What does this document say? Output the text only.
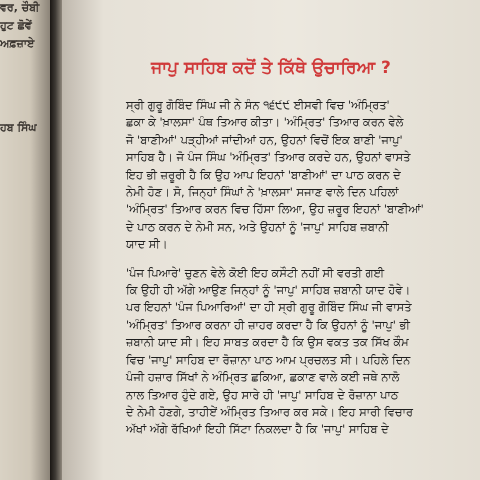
ਵਰ, ਚੌਬੀ
ਹੁਟ ਛੋਵੇਂ
ਅਫ਼ਜ਼ਾਏ
ਹਬ ਸਿੰਘ
ਜਾਪੁ ਸਾਹਿਬ ਕਦੋਂ ਤੇ ਕਿੱਥੇ ਉਚਾਰਿਆ ?

ਸ੍ਰੀ ਗੁਰੂ ਗੋਬਿੰਦ ਸਿੰਘ ਜੀ ਨੇ ਸੰਨ ੧੬੯੯ ਈਸਵੀ ਵਿਚ 'ਅੰਮ੍ਰਿਤ'
ਛਕਾ ਕੇ 'ਖ਼ਾਲਸਾ' ਪੰਥ ਤਿਆਰ ਕੀਤਾ। 'ਅੰਮ੍ਰਿਤ' ਤਿਆਰ ਕਰਨ ਵੇਲੇ
ਜੋ 'ਬਾਣੀਆਂ' ਪੜ੍ਹੀਆਂ ਜਾਂਦੀਆਂ ਹਨ, ਉਹਨਾਂ ਵਿਚੋਂ ਇਕ ਬਾਣੀ 'ਜਾਪੁ'
ਸਾਹਿਬ ਹੈ। ਜੋ ਪੰਜ ਸਿੰਘ 'ਅੰਮ੍ਰਿਤ' ਤਿਆਰ ਕਰਦੇ ਹਨ, ਉਹਨਾਂ ਵਾਸਤੇ
ਇਹ ਭੀ ਜ਼ਰੂਰੀ ਹੈ ਕਿ ਉਹ ਆਪ ਇਹਨਾਂ 'ਬਾਣੀਆਂ' ਦਾ ਪਾਠ ਕਰਨ ਦੇ
ਨੇਮੀ ਹੋਣ। ਸੋ, ਜਿਨ੍ਹਾਂ ਸਿੰਘਾਂ ਨੇ 'ਖ਼ਾਲਸਾ' ਸਜਾਣ ਵਾਲੇ ਦਿਨ ਪਹਿਲਾਂ
'ਅੰਮ੍ਰਿਤ' ਤਿਆਰ ਕਰਨ ਵਿਚ ਹਿੱਸਾ ਲਿਆ, ਉਹ ਜ਼ਰੂਰ ਇਹਨਾਂ 'ਬਾਣੀਆਂ'
ਦੇ ਪਾਠ ਕਰਨ ਦੇ ਨੇਮੀ ਸਨ, ਅਤੇ ਉਹਨਾਂ ਨੂੰ 'ਜਾਪੁ' ਸਾਹਿਬ ਜ਼ਬਾਨੀ
ਯਾਦ ਸੀ।

'ਪੰਜ ਪਿਆਰੇ' ਚੁਣਨ ਵੇਲੇ ਕੋਈ ਇਹ ਕਸੌਟੀ ਨਹੀਂ ਸੀ ਵਰਤੀ ਗਈ
ਕਿ ਉਹੀ ਹੀ ਅੱਗੇ ਆਉਣ ਜਿਨ੍ਹਾਂ ਨੂੰ 'ਜਾਪੁ' ਸਾਹਿਬ ਜ਼ਬਾਨੀ ਯਾਦ ਹੋਵੇ।
ਪਰ ਇਹਨਾਂ 'ਪੰਜ ਪਿਆਰਿਆਂ' ਦਾ ਹੀ ਸ੍ਰੀ ਗੁਰੂ ਗੋਬਿੰਦ ਸਿੰਘ ਜੀ ਵਾਸਤੇ
'ਅੰਮ੍ਰਿਤ' ਤਿਆਰ ਕਰਨਾ ਹੀ ਜ਼ਾਹਰ ਕਰਦਾ ਹੈ ਕਿ ਉਹਨਾਂ ਨੂੰ 'ਜਾਪੁ' ਭੀ
ਜ਼ਬਾਨੀ ਯਾਦ ਸੀ। ਇਹ ਸਾਬਤ ਕਰਦਾ ਹੈ ਕਿ ਉਸ ਵਕਤ ਤਕ ਸਿੱਖ ਕੌਮ
ਵਿਚ 'ਜਾਪੁ' ਸਾਹਿਬ ਦਾ ਰੋਜ਼ਾਨਾ ਪਾਠ ਆਮ ਪ੍ਰਚਲਤ ਸੀ। ਪਹਿਲੇ ਦਿਨ
ਪੰਜੀ ਹਜ਼ਾਰ ਸਿੱਖਾਂ ਨੇ ਅੰਮ੍ਰਿਤ ਛਕਿਆ, ਛਕਾਣ ਵਾਲੇ ਕਈ ਜਥੇ ਨਾਲੋ
ਨਾਲ ਤਿਆਰ ਹੁੰਦੇ ਗਏ, ਉਹ ਸਾਰੇ ਹੀ 'ਜਾਪੁ' ਸਾਹਿਬ ਦੇ ਰੋਜ਼ਾਨਾ ਪਾਠ
ਦੇ ਨੇਮੀ ਹੋਣਗੇ, ਤਾਹੀਏਂ ਅੰਮ੍ਰਿਤ ਤਿਆਰ ਕਰ ਸਕੇ। ਇਹ ਸਾਰੀ ਵਿਚਾਰ
ਅੱਖਾਂ ਅੱਗੇ ਰੱਖਿਆਂ ਇਹੀ ਸਿੱਟਾ ਨਿਕਲਦਾ ਹੈ ਕਿ 'ਜਾਪੁ' ਸਾਹਿਬ ਦੇ
